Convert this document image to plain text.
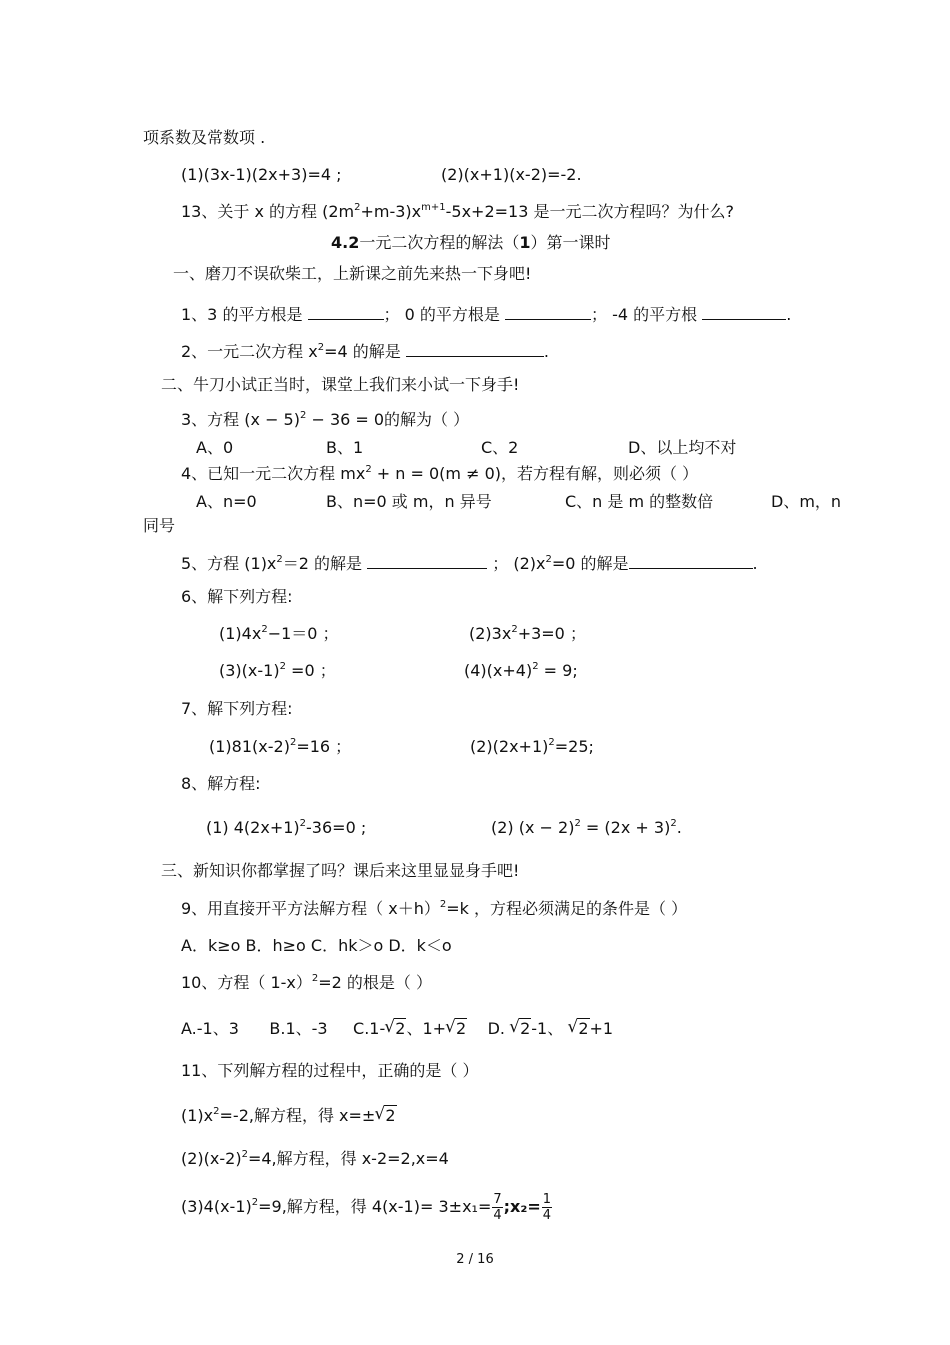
项系数及常数项 .
(1)(3x-1)(2x+3)=4 ;	(2)(x+1)(x-2)=-2.
13、关于 x 的方程 $(2m^2+m-3)x^{m+1}-5x+2=13$ 是一元二次方程吗？为什么?
4.2一元二次方程的解法（1）第一课时
一、磨刀不误砍柴工，上新课之前先来热一下身吧!
1、3 的平方根是	； 0 的平方根是	； -4 的平方根	.
2、一元二次方程 $x^2=4$ 的解是	.
二、牛刀小试正当时，课堂上我们来小试一下身手!
3、方程 $(x - 5)^2 - 36 = 0$的解为（ ）
A、0	B、1	C、2	D、以上均不对
4、已知一元二次方程 $mx^2 + n = 0(m \ne 0)$，若方程有解，则必须（ ）
A、n=0	B、n=0 或 m，n 异号	C、n 是 m 的整数倍	D、m，n
同号
5、方程 $(1)x^2=2$ 的解是	； $(2)x^2=0$ 的解是	.
6、解下列方程:
$(1)4x^2-1=0$ ；	$(2)3x^2+3=0$ ；
$(3)(x-1)^2 =0$ ；	$(4)(x+4)^2 = 9$;
7、解下列方程:
$(1)81(x-2)^2=16$ ；	$(2)(2x+1)^2=25$;
8、解方程:
(1) $4(2x+1)^2-36=0$ ;	(2) $(x - 2)^2 = (2x + 3)^2$.
三、新知识你都掌握了吗？课后来这里显显身手吧!
9、用直接开平方法解方程（ x＋h）$^2$=k ，方程必须满足的条件是（ ）
A．k≥o B．h≥o C．hk＞o D．k＜o
10、方程（ 1-x）$^2$=2 的根是（ ）
A.-1、3 B.1、-3 C.1- √ 2、1+ √ 2 D. √ 2-1、 √ 2+1
11、下列解方程的过程中，正确的是（ ）
$(1)x^2=-2$,解方程，得 x=± √ 2
$(2)(x-2)^2=4$,解方程，得 x-2=2,x=4
$(3)4(x-1)^2=9$,解方程，得 $4(x-1)= 3\pm x_1= \frac{7}{4}$ ;x₂= $\frac{1}{4}$
2 / 16
